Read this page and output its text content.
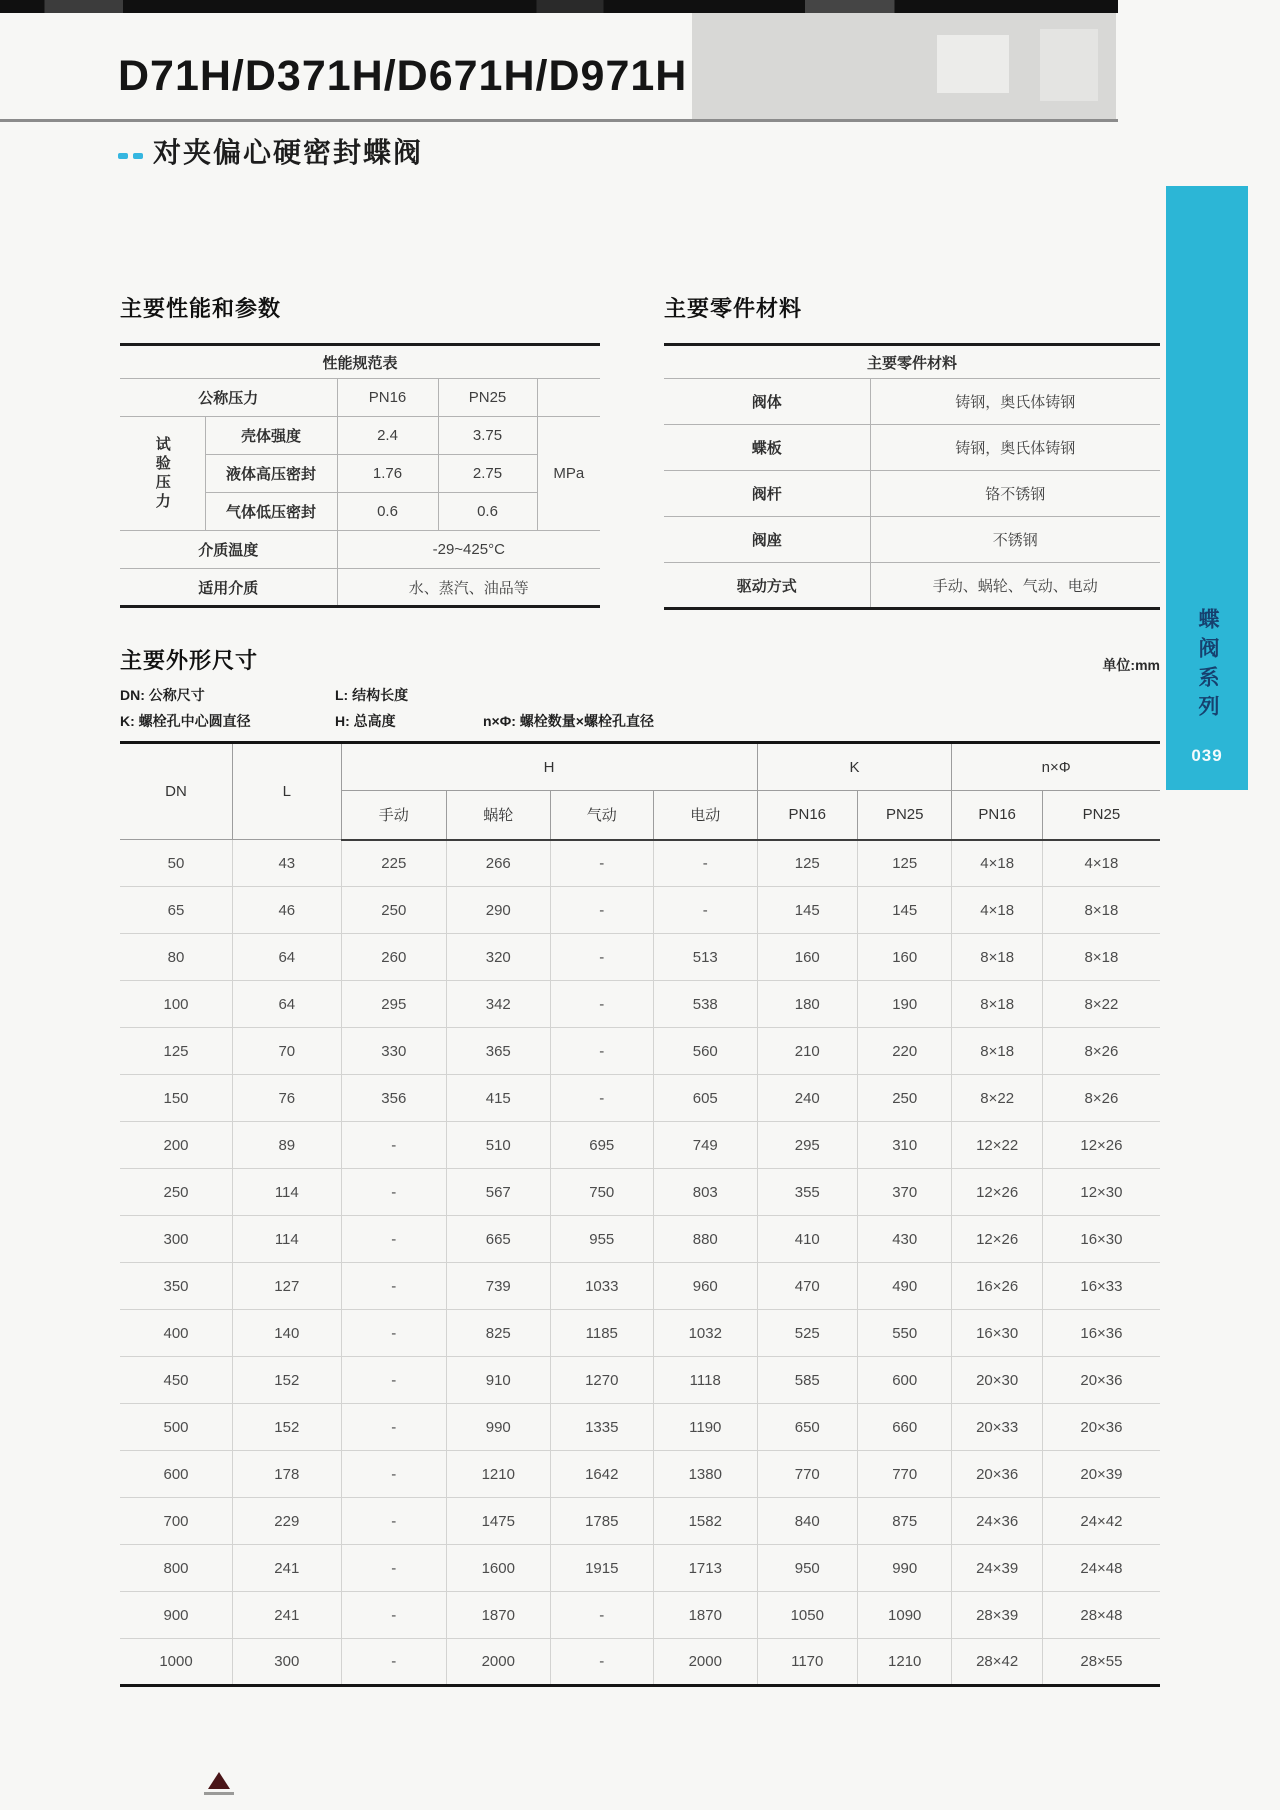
D71H/D371H/D671H/D971H
对夹偏心硬密封蝶阀
主要性能和参数
性能规范表				
公称压力		PN16	PN25	
试验压力	壳体强度	2.4	3.75	MPa
	液体高压密封	1.76	2.75	
	气体低压密封	0.6	0.6	
介质温度		-29~425°C		
适用介质		水、蒸汽、油品等		
主要零件材料
主要零件材料	
阀体	铸钢，奥氏体铸钢
蝶板	铸钢，奥氏体铸钢
阀杆	铬不锈钢
阀座	不锈钢
驱动方式	手动、蜗轮、气动、电动
主要外形尺寸	单位:mm
DN: 公称尺寸	L: 结构长度
K: 螺栓孔中心圆直径	H: 总高度	n×Φ: 螺栓数量×螺栓孔直径
DN	L	H				K		n×Φ	
		手动	蜗轮	气动	电动	PN16	PN25	PN16	PN25
50	43	225	266	-	-	125	125	4×18	4×18
65	46	250	290	-	-	145	145	4×18	8×18
80	64	260	320	-	513	160	160	8×18	8×18
100	64	295	342	-	538	180	190	8×18	8×22
125	70	330	365	-	560	210	220	8×18	8×26
150	76	356	415	-	605	240	250	8×22	8×26
200	89	-	510	695	749	295	310	12×22	12×26
250	114	-	567	750	803	355	370	12×26	12×30
300	114	-	665	955	880	410	430	12×26	16×30
350	127	-	739	1033	960	470	490	16×26	16×33
400	140	-	825	1185	1032	525	550	16×30	16×36
450	152	-	910	1270	1118	585	600	20×30	20×36
500	152	-	990	1335	1190	650	660	20×33	20×36
600	178	-	1210	1642	1380	770	770	20×36	20×39
700	229	-	1475	1785	1582	840	875	24×36	24×42
800	241	-	1600	1915	1713	950	990	24×39	24×48
900	241	-	1870	-	1870	1050	1090	28×39	28×48
1000	300	-	2000	-	2000	1170	1210	28×42	28×55
蝶阀系列
039
